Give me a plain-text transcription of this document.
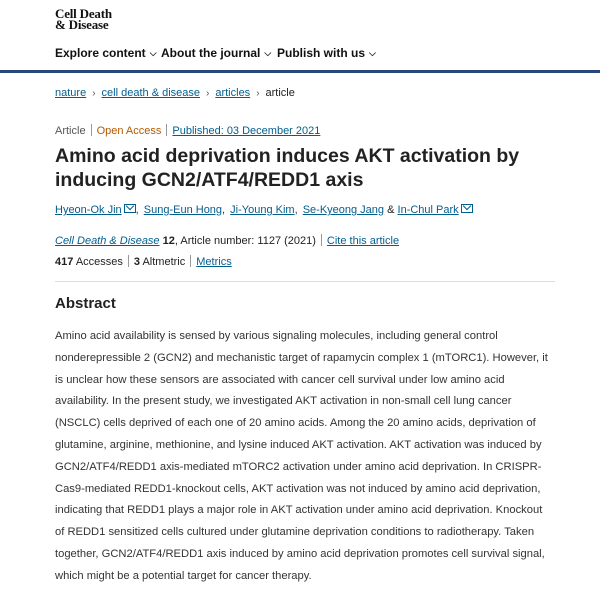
Cell Death
& Disease
Explore content ⌵ About the journal ⌵ Publish with us ⌵
nature › cell death & disease › articles › article
Article Open Access Published: 03 December 2021
Amino acid deprivation induces AKT activation by inducing GCN2/ATF4/REDD1 axis
Hyeon-Ok Jin , Sung-Eun Hong, Ji-Young Kim, Se-Kyeong Jang & In-Chul Park
Cell Death & Disease 12, Article number: 1127 (2021) Cite this article
417 Accesses 3 Altmetric Metrics
Abstract

Amino acid availability is sensed by various signaling molecules, including general control nonderepressible 2 (GCN2) and mechanistic target of rapamycin complex 1 (mTORC1). However, it is unclear how these sensors are associated with cancer cell survival under low amino acid availability. In the present study, we investigated AKT activation in non-small cell lung cancer (NSCLC) cells deprived of each one of 20 amino acids. Among the 20 amino acids, deprivation of glutamine, arginine, methionine, and lysine induced AKT activation. AKT activation was induced by GCN2/ATF4/REDD1 axis-mediated mTORC2 activation under amino acid deprivation. In CRISPR-Cas9-mediated REDD1-knockout cells, AKT activation was not induced by amino acid deprivation, indicating that REDD1 plays a major role in AKT activation under amino acid deprivation. Knockout of REDD1 sensitized cells cultured under glutamine deprivation conditions to radiotherapy. Taken together, GCN2/ATF4/REDD1 axis induced by amino acid deprivation promotes cell survival signal, which might be a potential target for cancer therapy.
